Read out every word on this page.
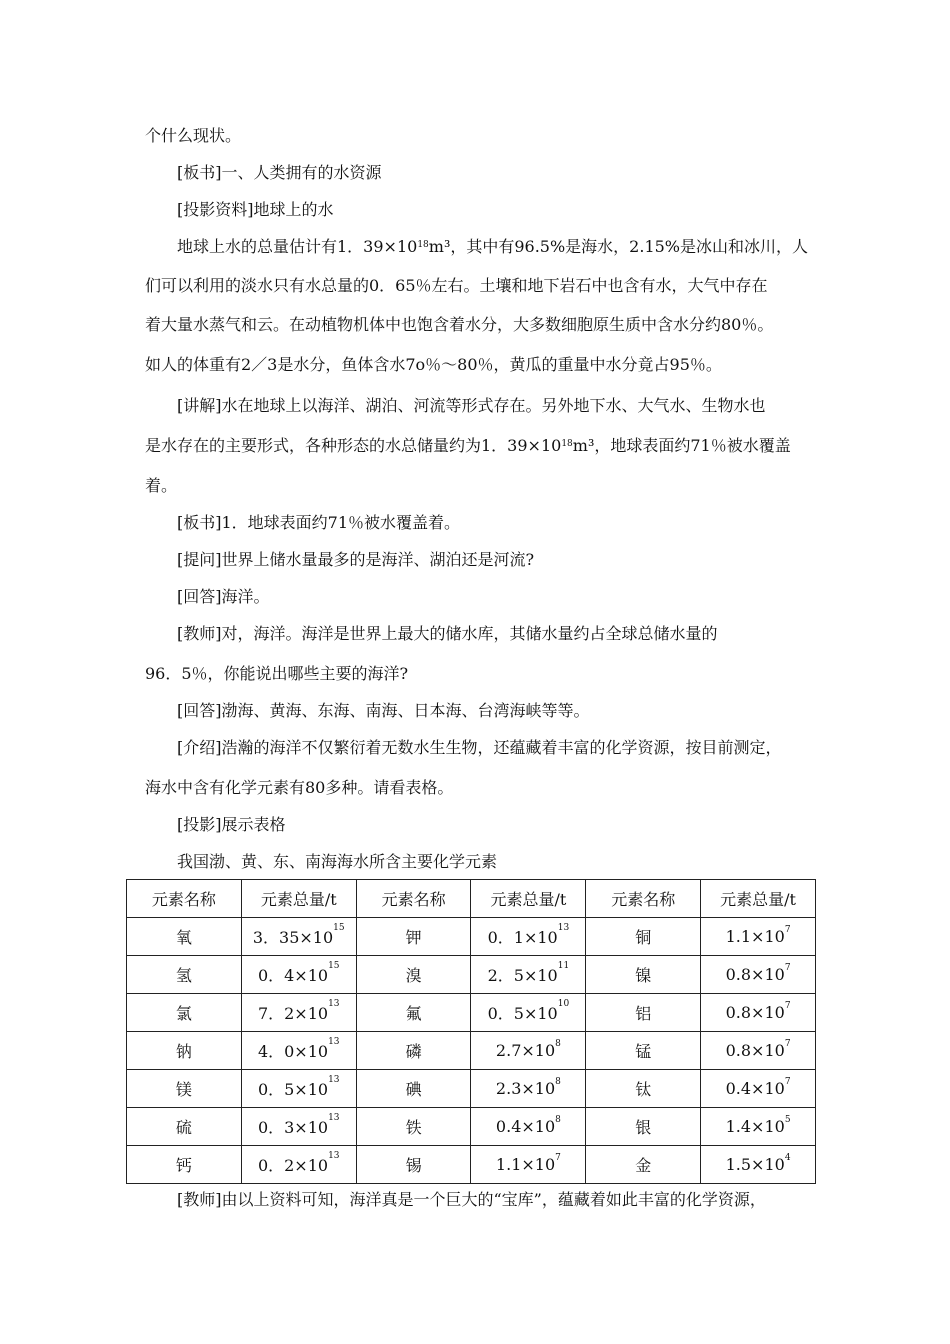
个什么现状。
[板书]一、人类拥有的水资源
[投影资料]地球上的水
地球上水的总量估计有1．$39\times 10^{18}m^3$，其中有96.5%是海水，2.15%是冰山和冰川，人
们可以利用的淡水只有水总量的0．65％左右。土壤和地下岩石中也含有水，大气中存在
着大量水蒸气和云。在动植物机体中也饱含着水分，大多数细胞原生质中含水分约80％。
如人的体重有2／3是水分，鱼体含水7o％～80％，黄瓜的重量中水分竟占95％。
[讲解]水在地球上以海洋、湖泊、河流等形式存在。另外地下水、大气水、生物水也
是水存在的主要形式，各种形态的水总储量约为1．$39\times 10^{18}m^3$，地球表面约71％被水覆盖
着。
[板书]1．地球表面约71％被水覆盖着。
[提问]世界上储水量最多的是海洋、湖泊还是河流?
[回答]海洋。
[教师]对，海洋。海洋是世界上最大的储水库，其储水量约占全球总储水量的
96．5％，你能说出哪些主要的海洋?
[回答]渤海、黄海、东海、南海、日本海、台湾海峡等等。
[介绍]浩瀚的海洋不仅繁衍着无数水生生物，还蕴藏着丰富的化学资源，按目前测定，
海水中含有化学元素有80多种。请看表格。
[投影]展示表格
我国渤、黄、东、南海海水所含主要化学元素
元素名称	元素总量/t	元素名称	元素总量/t	元素名称	元素总量/t
氧	3．$35\times 10^{15}$	钾	0．$1\times 10^{13}$	铜	$1.1\times 10^7$
氢	0．$4\times 10^{15}$	溴	2．$5\times 10^{11}$	镍	$0.8\times 10^7$
氯	7．$2\times 10^{13}$	氟	0．$5\times 10^{10}$	铝	$0.8\times 10^7$
钠	4．$0\times 10^{13}$	磷	$2.7\times 10^8$	锰	$0.8\times 10^7$
镁	0．$5\times 10^{13}$	碘	$2.3\times 10^8$	钛	$0.4\times 10^7$
硫	0．$3\times 10^{13}$	铁	$0.4\times 10^8$	银	$1.4\times 10^5$
钙	0．$2\times 10^{13}$	锡	$1.1\times 10^7$	金	$1.5\times 10^4$
[教师]由以上资料可知，海洋真是一个巨大的“宝库”，蕴藏着如此丰富的化学资源，
